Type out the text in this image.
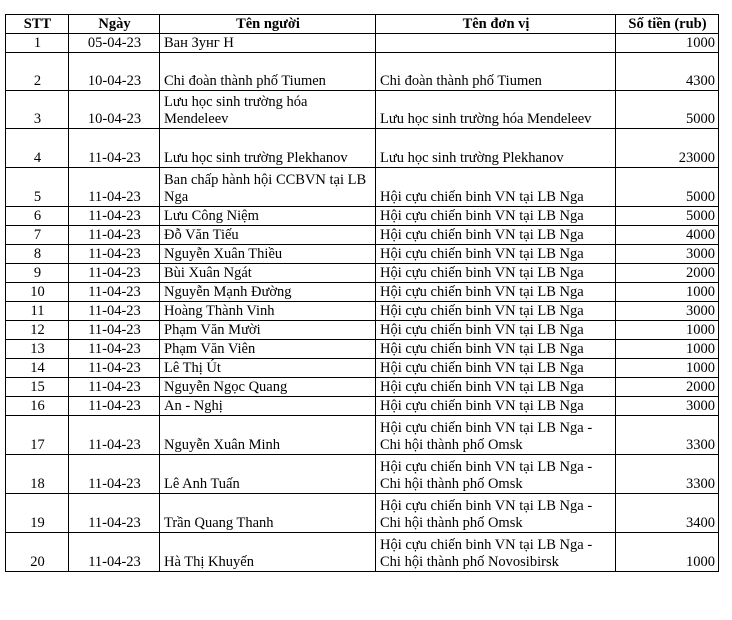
STT	Ngày	Tên người	Tên đơn vị	Số tiền (rub)
1	05-04-23	Ван Зунг Н		1000
2	10-04-23	Chi đoàn thành phố Tiumen	Chi đoàn thành phố Tiumen	4300
3	10-04-23	Lưu học sinh trường hóa Mendeleev	Lưu học sinh trường hóa Mendeleev	5000
4	11-04-23	Lưu học sinh trường Plekhanov	Lưu học sinh trường Plekhanov	23000
5	11-04-23	Ban chấp hành hội CCBVN tại LB Nga	Hội cựu chiến binh VN tại LB Nga	5000
6	11-04-23	Lưu Công Niệm	Hội cựu chiến binh VN tại LB Nga	5000
7	11-04-23	Đỗ Văn Tiếu	Hội cựu chiến binh VN tại LB Nga	4000
8	11-04-23	Nguyễn Xuân Thiều	Hội cựu chiến binh VN tại LB Nga	3000
9	11-04-23	Bùi Xuân Ngát	Hội cựu chiến binh VN tại LB Nga	2000
10	11-04-23	Nguyễn Mạnh Đường	Hội cựu chiến binh VN tại LB Nga	1000
11	11-04-23	Hoàng Thành Vinh	Hội cựu chiến binh VN tại LB Nga	3000
12	11-04-23	Phạm Văn Mười	Hội cựu chiến binh VN tại LB Nga	1000
13	11-04-23	Phạm Văn Viên	Hội cựu chiến binh VN tại LB Nga	1000
14	11-04-23	Lê Thị Út	Hội cựu chiến binh VN tại LB Nga	1000
15	11-04-23	Nguyễn Ngọc Quang	Hội cựu chiến binh VN tại LB Nga	2000
16	11-04-23	An - Nghị	Hội cựu chiến binh VN tại LB Nga	3000
17	11-04-23	Nguyễn Xuân Minh	Hội cựu chiến binh VN tại LB Nga - Chi hội thành phố Omsk	3300
18	11-04-23	Lê Anh Tuấn	Hội cựu chiến binh VN tại LB Nga - Chi hội thành phố Omsk	3300
19	11-04-23	Trần Quang Thanh	Hội cựu chiến binh VN tại LB Nga - Chi hội thành phố Omsk	3400
20	11-04-23	Hà Thị Khuyến	Hội cựu chiến binh VN tại LB Nga - Chi hội thành phố Novosibirsk	1000
